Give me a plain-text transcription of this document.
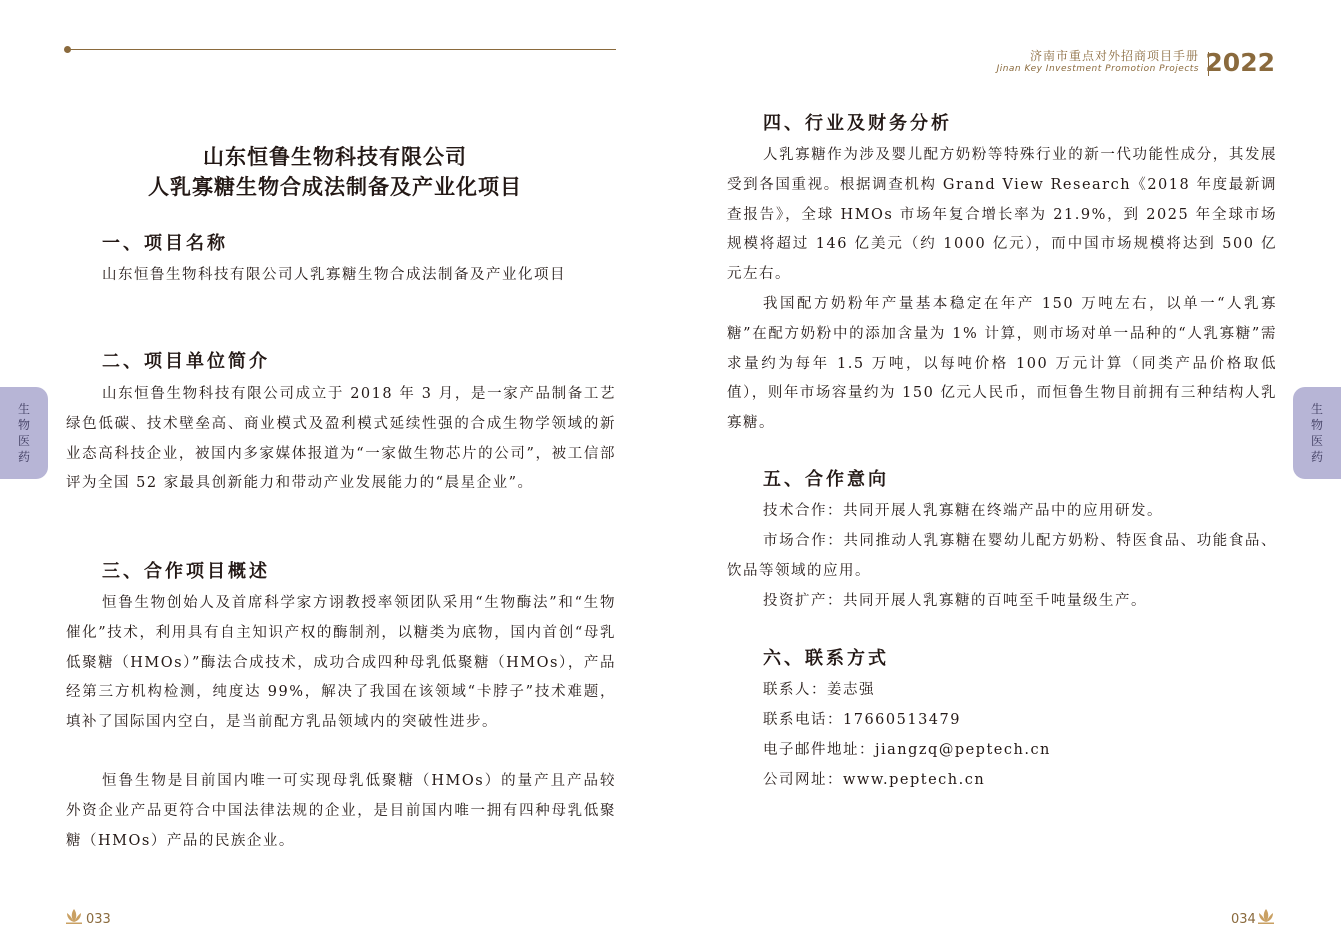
山东恒鲁生物科技有限公司
人乳寡糖生物合成法制备及产业化项目
一、项目名称
山东恒鲁生物科技有限公司人乳寡糖生物合成法制备及产业化项目
二、项目单位简介
山东恒鲁生物科技有限公司成立于 2018 年 3 月，是一家产品制备工艺绿色低碳、技术壁垒高、商业模式及盈利模式延续性强的合成生物学领域的新业态高科技企业，被国内多家媒体报道为“一家做生物芯片的公司”，被工信部评为全国 52 家最具创新能力和带动产业发展能力的“晨星企业”。
三、合作项目概述
恒鲁生物创始人及首席科学家方诩教授率领团队采用“生物酶法”和“生物催化”技术，利用具有自主知识产权的酶制剂，以糖类为底物，国内首创“母乳低聚糖（HMOs）”酶法合成技术，成功合成四种母乳低聚糖（HMOs），产品经第三方机构检测，纯度达 99%，解决了我国在该领域“卡脖子”技术难题，填补了国际国内空白，是当前配方乳品领域内的突破性进步。
恒鲁生物是目前国内唯一可实现母乳低聚糖（HMOs）的量产且产品较外资企业产品更符合中国法律法规的企业，是目前国内唯一拥有四种母乳低聚糖（HMOs）产品的民族企业。
生
物
医
药
033
济南市重点对外招商项目手册
Jinan Key Investment Promotion Projects 2022
四、行业及财务分析
人乳寡糖作为涉及婴儿配方奶粉等特殊行业的新一代功能性成分，其发展受到各国重视。根据调查机构 Grand View Research《2018 年度最新调查报告》，全球 HMOs 市场年复合增长率为 21.9%，到 2025 年全球市场规模将超过 146 亿美元（约 1000 亿元），而中国市场规模将达到 500 亿元左右。
我国配方奶粉年产量基本稳定在年产 150 万吨左右，以单一“人乳寡糖”在配方奶粉中的添加含量为 1% 计算，则市场对单一品种的“人乳寡糖”需求量约为每年 1.5 万吨，以每吨价格 100 万元计算（同类产品价格取低值），则年市场容量约为 150 亿元人民币，而恒鲁生物目前拥有三种结构人乳寡糖。
五、合作意向
技术合作：共同开展人乳寡糖在终端产品中的应用研发。
市场合作：共同推动人乳寡糖在婴幼儿配方奶粉、特医食品、功能食品、饮品等领域的应用。
投资扩产：共同开展人乳寡糖的百吨至千吨量级生产。
六、联系方式
联系人：姜志强
联系电话：17660513479
电子邮件地址：jiangzq@peptech.cn
公司网址：www.peptech.cn
生
物
医
药
034
